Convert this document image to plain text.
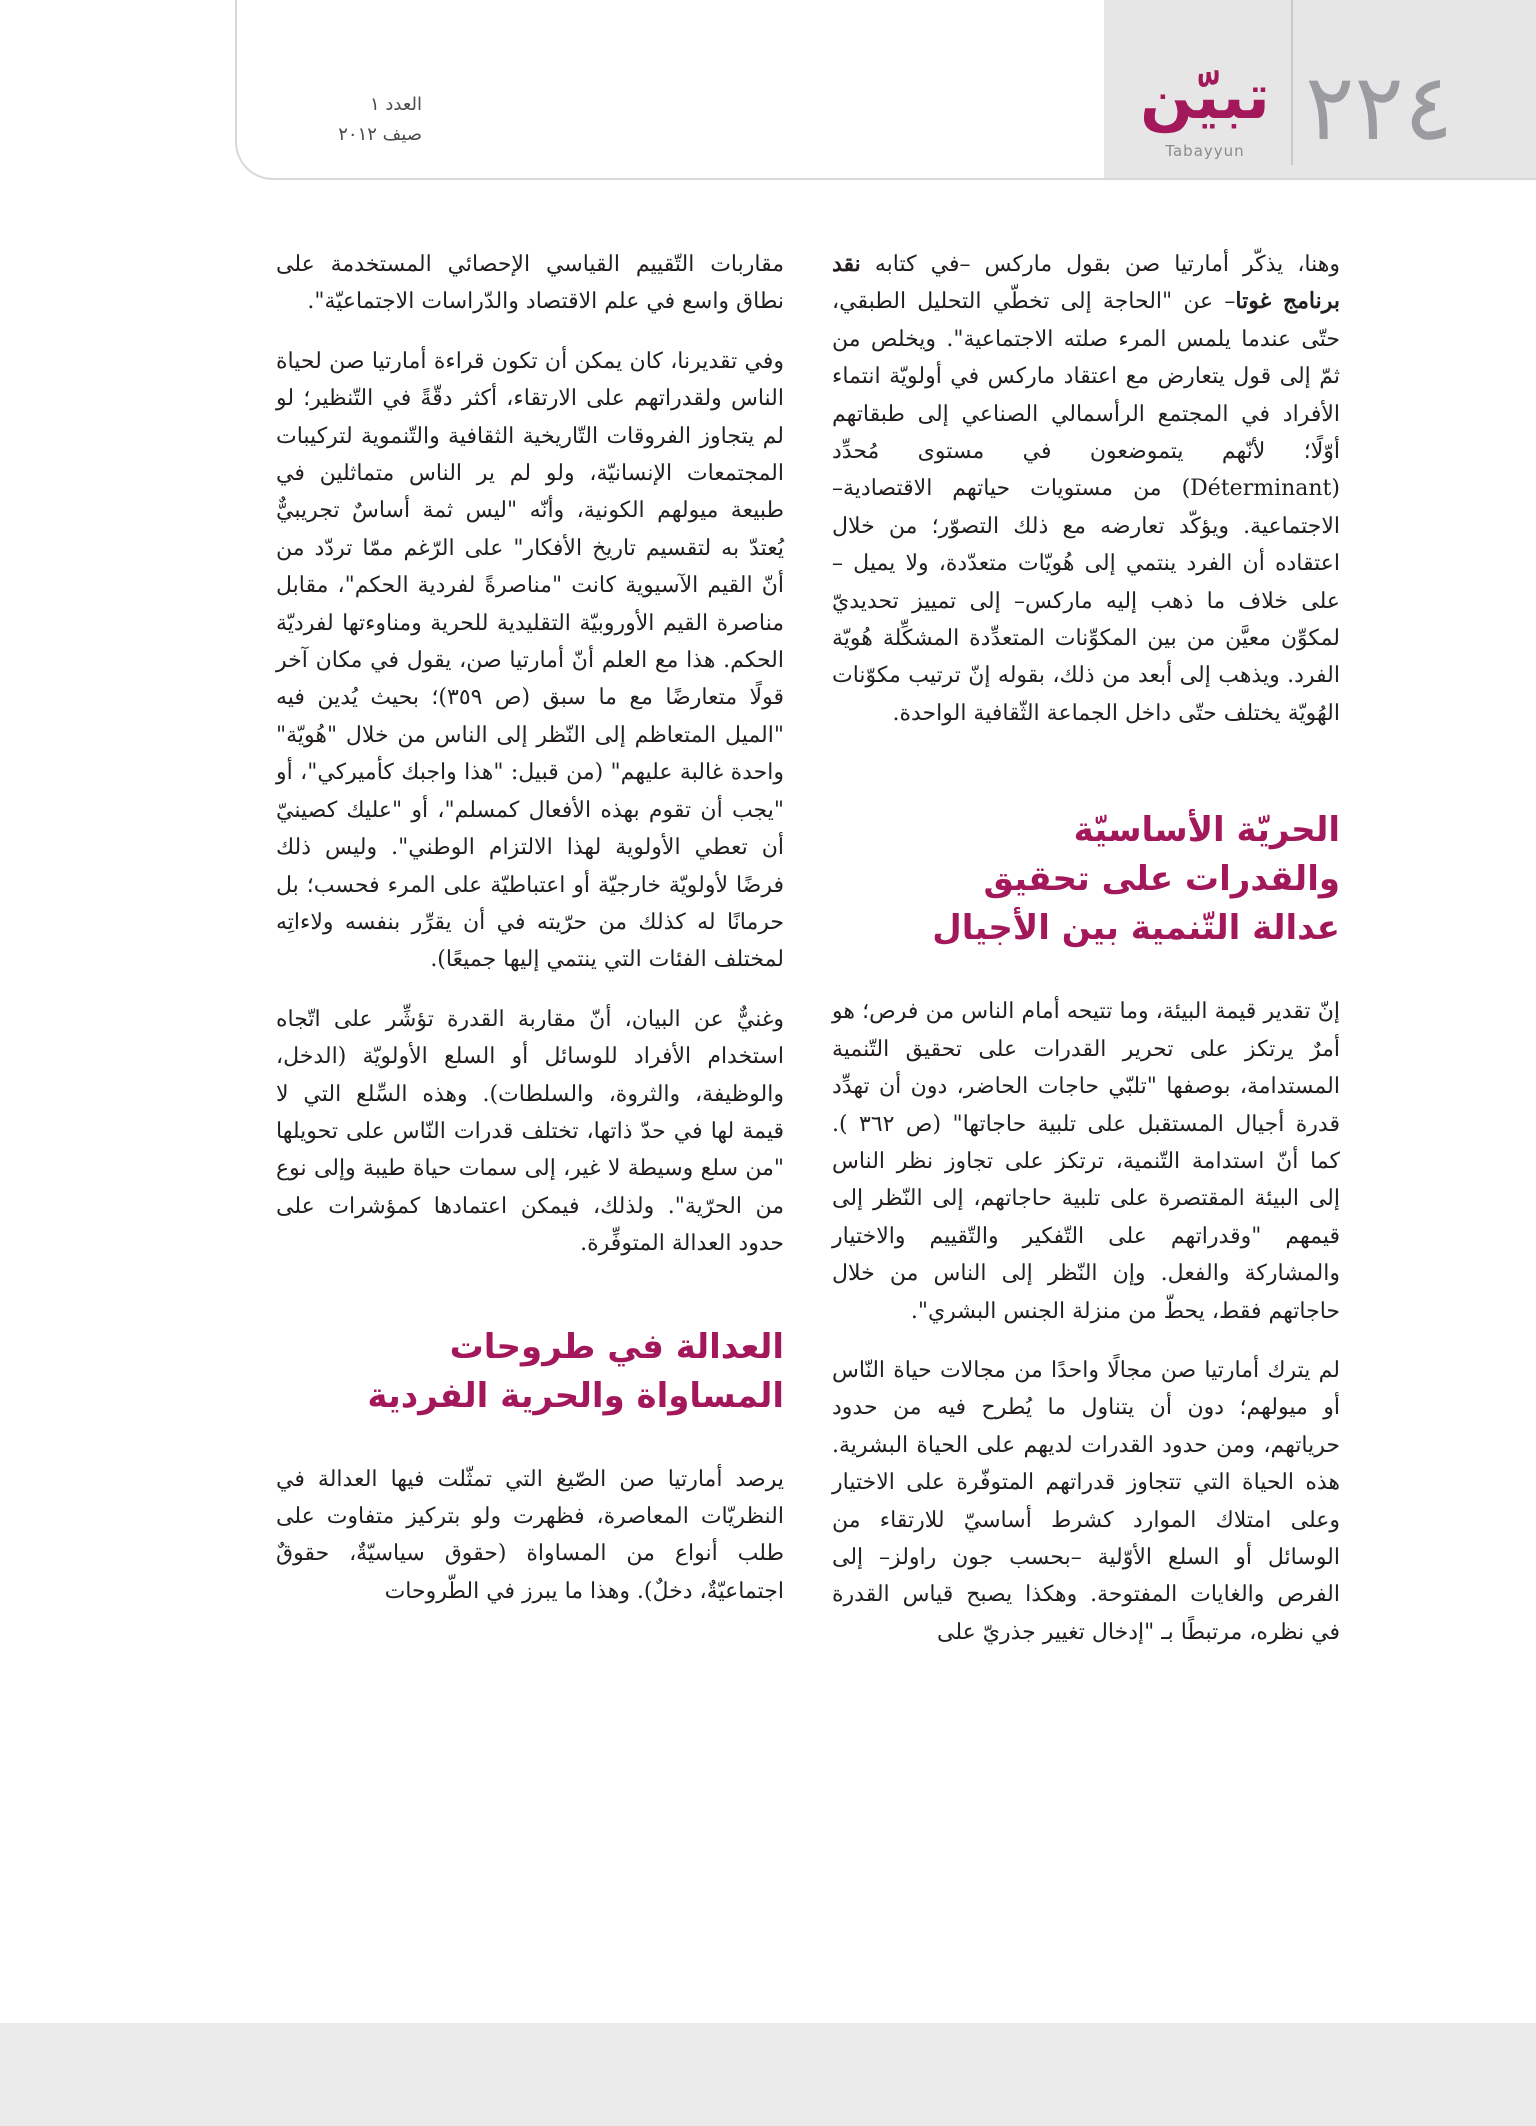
٢٢٤
تبيّن
Tabayyun
العدد ١
صيف ٢٠١٢

وهنا، يذكّر أمارتيا صن بقول ماركس –في كتابه نقد برنامج غوتا– عن "الحاجة إلى تخطّي التحليل الطبقي، حتّى عندما يلمس المرء صلته الاجتماعية". ويخلص من ثمّ إلى قول يتعارض مع اعتقاد ماركس في أولويّة انتماء الأفراد في المجتمع الرأسمالي الصناعي إلى طبقاتهم أوّلًا؛ لأنّهم يتموضعون في مستوى مُحدِّد (Déterminant) من مستويات حياتهم الاقتصادية–الاجتماعية. ويؤكّد تعارضه مع ذلك التصوّر؛ من خلال اعتقاده أن الفرد ينتمي إلى هُويّات متعدّدة، ولا يميل –على خلاف ما ذهب إليه ماركس– إلى تمييز تحديديّ لمكوِّن معيَّن من بين المكوِّنات المتعدِّدة المشكِّلة هُويّة الفرد. ويذهب إلى أبعد من ذلك، بقوله إنّ ترتيب مكوّنات الهُويّة يختلف حتّى داخل الجماعة الثّقافية الواحدة.

الحريّة الأساسيّة
والقدرات على تحقيق
عدالة التّنمية بين الأجيال

إنّ تقدير قيمة البيئة، وما تتيحه أمام الناس من فرص؛ هو أمرٌ يرتكز على تحرير القدرات على تحقيق التّنمية المستدامة، بوصفها "تلبّي حاجات الحاضر، دون أن تهدِّد قدرة أجيال المستقبل على تلبية حاجاتها" (ص ٣٦٢ ). كما أنّ استدامة التّنمية، ترتكز على تجاوز نظر الناس إلى البيئة المقتصرة على تلبية حاجاتهم، إلى النّظر إلى قيمهم "وقدراتهم على التّفكير والتّقييم والاختيار والمشاركة والفعل. وإن النّظر إلى الناس من خلال حاجاتهم فقط، يحطّ من منزلة الجنس البشري".

لم يترك أمارتيا صن مجالًا واحدًا من مجالات حياة النّاس أو ميولهم؛ دون أن يتناول ما يُطرح فيه من حدود حرياتهم، ومن حدود القدرات لديهم على الحياة البشرية. هذه الحياة التي تتجاوز قدراتهم المتوفّرة على الاختيار وعلى امتلاك الموارد كشرط أساسيّ للارتقاء من الوسائل أو السلع الأوّلية –بحسب جون راولز– إلى الفرص والغايات المفتوحة. وهكذا يصبح قياس القدرة في نظره، مرتبطًا بـ "إدخال تغيير جذريّ على

مقاربات التّقييم القياسي الإحصائي المستخدمة على نطاق واسع في علم الاقتصاد والدّراسات الاجتماعيّة".

وفي تقديرنا، كان يمكن أن تكون قراءة أمارتيا صن لحياة الناس ولقدراتهم على الارتقاء، أكثر دقّةً في التّنظير؛ لو لم يتجاوز الفروقات التّاريخية الثقافية والتّنموية لتركيبات المجتمعات الإنسانيّة، ولو لم ير الناس متماثلين في طبيعة ميولهم الكونية، وأنّه "ليس ثمة أساسٌ تجريبيٌّ يُعتدّ به لتقسيم تاريخ الأفكار" على الرّغم ممّا تردّد من أنّ القيم الآسيوية كانت "مناصرةً لفردية الحكم"، مقابل مناصرة القيم الأوروبيّة التقليدية للحرية ومناوءتها لفرديّة الحكم. هذا مع العلم أنّ أمارتيا صن، يقول في مكان آخر قولًا متعارضًا مع ما سبق (ص ٣٥٩)؛ بحيث يُدين فيه "الميل المتعاظم إلى النّظر إلى الناس من خلال "هُويّة" واحدة غالبة عليهم" (من قبيل: "هذا واجبك كأميركي"، أو "يجب أن تقوم بهذه الأفعال كمسلم"، أو "عليك كصينيّ أن تعطي الأولوية لهذا الالتزام الوطني". وليس ذلك فرضًا لأولويّة خارجيّة أو اعتباطيّة على المرء فحسب؛ بل حرمانًا له كذلك من حرّيته في أن يقرِّر بنفسه ولاءاتِه لمختلف الفئات التي ينتمي إليها جميعًا).

وغنيٌّ عن البيان، أنّ مقاربة القدرة تؤشِّر على اتّجاه استخدام الأفراد للوسائل أو السلع الأولويّة (الدخل، والوظيفة، والثروة، والسلطات). وهذه السِّلع التي لا قيمة لها في حدّ ذاتها، تختلف قدرات النّاس على تحويلها "من سلع وسيطة لا غير، إلى سمات حياة طيبة وإلى نوع من الحرّية". ولذلك، فيمكن اعتمادها كمؤشرات على حدود العدالة المتوفِّرة.

العدالة في طروحات
المساواة والحرية الفردية

يرصد أمارتيا صن الصّيغ التي تمثّلت فيها العدالة في النظريّات المعاصرة، فظهرت ولو بتركيز متفاوت على طلب أنواع من المساواة (حقوق سياسيّةٌ، حقوقٌ اجتماعيّةٌ، دخلٌ). وهذا ما يبرز في الطّروحات
